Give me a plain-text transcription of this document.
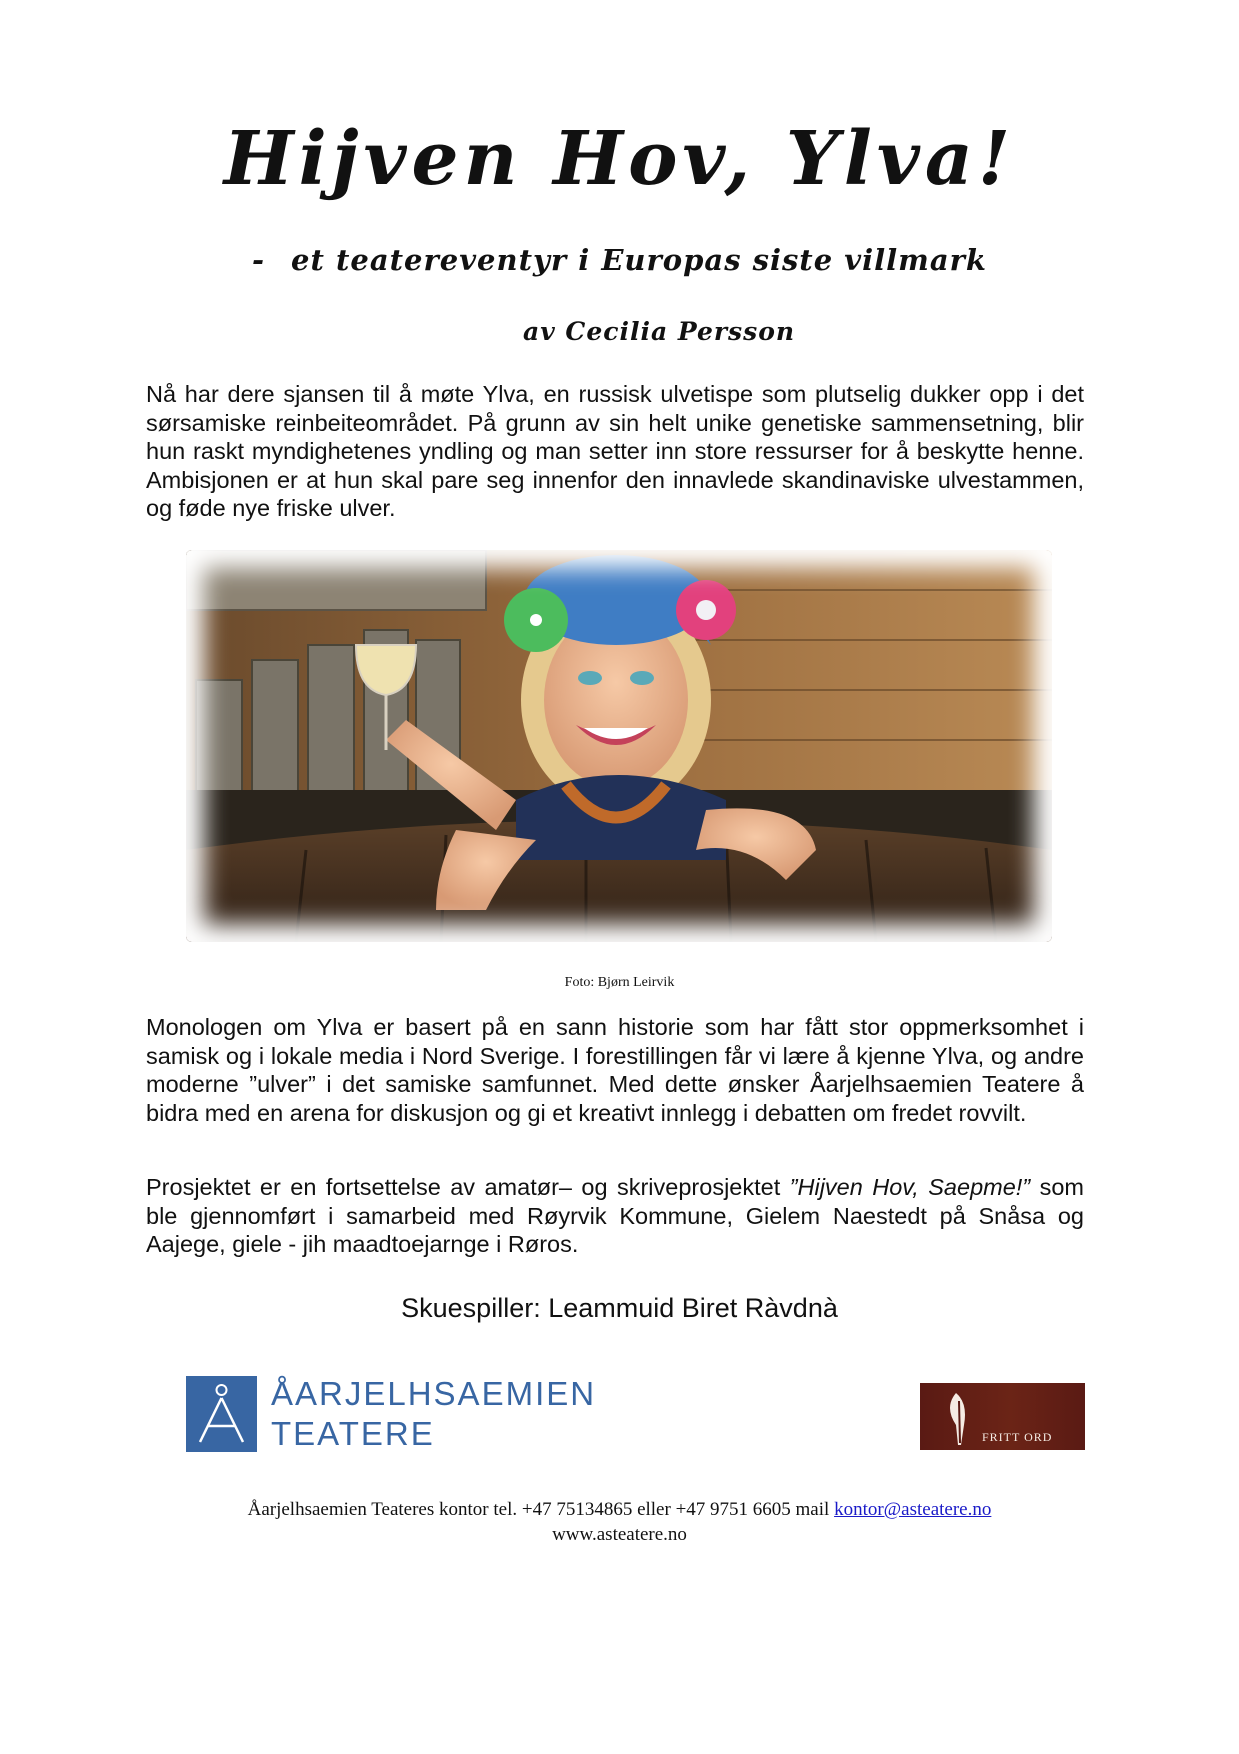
Hijven Hov, Ylva!
- et teatereventyr i Europas siste villmark
av Cecilia Persson

Nå har dere sjansen til å møte Ylva, en russisk ulvetispe som plutselig dukker opp i det sørsamiske reinbeiteområdet. På grunn av sin helt unike genetiske sammensetning, blir hun raskt myndighetenes yndling og man setter inn store ressurser for å beskytte henne. Ambisjonen er at hun skal pare seg innenfor den innavlede skandinaviske ulvestammen, og føde nye friske ulver.

Foto: Bjørn Leirvik

Monologen om Ylva er basert på en sann historie som har fått stor oppmerksomhet i samisk og i lokale media i Nord Sverige. I forestillingen får vi lære å kjenne Ylva, og andre moderne ”ulver” i det samiske samfunnet. Med dette ønsker Åarjelhsaemien Teatere å bidra med en arena for diskusjon og gi et kreativt innlegg i debatten om fredet rovvilt.

Prosjektet er en fortsettelse av amatør– og skriveprosjektet ”Hijven Hov, Saepme!” som ble gjennomført i samarbeid med Røyrvik Kommune, Gielem Naestedt på Snåsa og Aajege, giele - jih maadtoejarnge i Røros.

Skuespiller: Leammuid Biret Ràvdnà
ÅARJELHSAEMIEN
TEATERE	FRITT ORD
Åarjelhsaemien Teateres kontor tel. +47 75134865 eller +47 9751 6605 mail kontor@asteatere.no
www.asteatere.no
